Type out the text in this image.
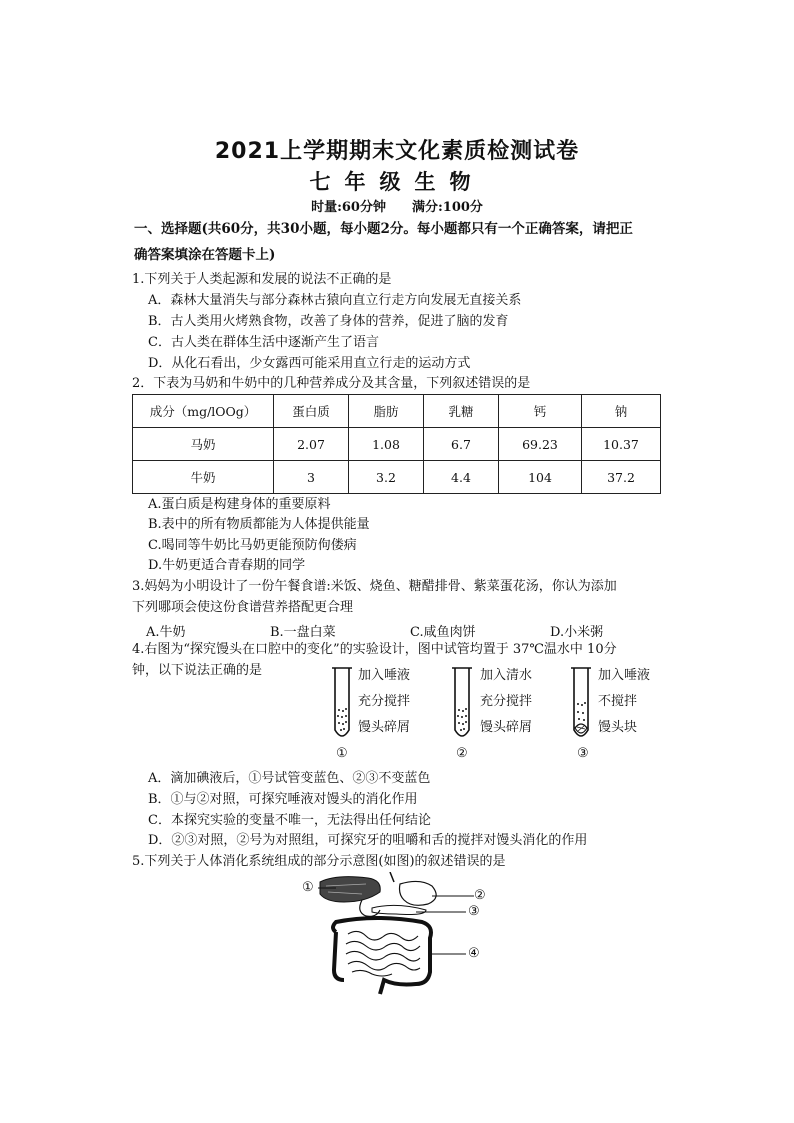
2021上学期期末文化素质检测试卷
七年级生物
时量:60分钟 满分:100分
一、选择题(共60分，共30小题，每小题2分。每小题都只有一个正确答案，请把正
确答案填涂在答题卡上)
1.下列关于人类起源和发展的说法不正确的是
A．森林大量消失与部分森林古猿向直立行走方向发展无直接关系
B．古人类用火烤熟食物，改善了身体的营养，促进了脑的发育
C．古人类在群体生活中逐渐产生了语言
D．从化石看出，少女露西可能采用直立行走的运动方式
2．下表为马奶和牛奶中的几种营养成分及其含量，下列叙述错误的是
成分（mg/lOOg）	蛋白质	脂肪	乳糖	钙	钠
马奶	2.07	1.08	6.7	69.23	10.37
牛奶	3	3.2	4.4	104	37.2
A.蛋白质是构建身体的重要原料
B.表中的所有物质都能为人体提供能量
C.喝同等牛奶比马奶更能预防佝偻病
D.牛奶更适合青春期的同学
3.妈妈为小明设计了一份午餐食谱:米饭、烧鱼、糖醋排骨、紫菜蛋花汤，你认为添加
下列哪项会使这份食谱营养搭配更合理
A.牛奶	B.一盘白菜	C.咸鱼肉饼	D.小米粥
4.右图为“探究馒头在口腔中的变化”的实验设计，图中试管均置于 37℃温水中 10分
钟，以下说法正确的是	加入唾液
充分搅拌
馒头碎屑
加入清水
充分搅拌
馒头碎屑
加入唾液
不搅拌
馒头块
①	②	③
A．滴加碘液后，①号试管变蓝色、②③不变蓝色
B．①与②对照，可探究唾液对馒头的消化作用
C．本探究实验的变量不唯一，无法得出任何结论
D．②③对照，②号为对照组，可探究牙的咀嚼和舌的搅拌对馒头消化的作用
5.下列关于人体消化系统组成的部分示意图(如图)的叙述错误的是
①
②
③
④
